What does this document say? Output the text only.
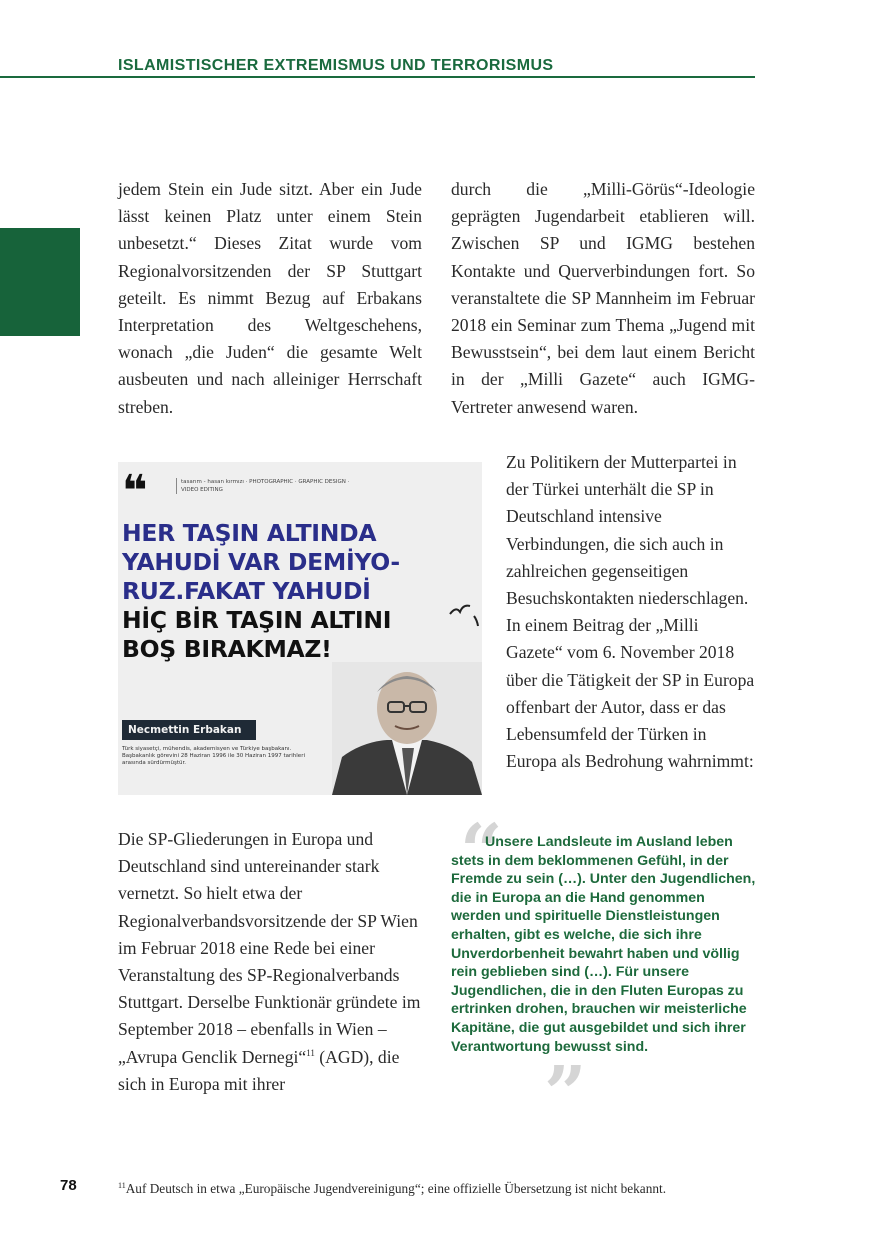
ISLAMISTISCHER EXTREMISMUS UND TERRORISMUS

jedem Stein ein Jude sitzt. Aber ein Jude lässt keinen Platz unter einem Stein unbesetzt.“ Dieses Zitat wurde vom Regionalvorsitzenden der SP Stuttgart geteilt. Es nimmt Bezug auf Erbakans Interpretation des Weltgeschehens, wonach „die Juden“ die gesamte Welt ausbeuten und nach alleiniger Herrschaft streben.

durch die „Milli-Görüs“-Ideologie geprägten Jugendarbeit etablieren will. Zwischen SP und IGMG bestehen Kontakte und Querverbindungen fort. So veranstaltete die SP Mannheim im Februar 2018 ein Seminar zum Thema „Jugend mit Bewusstsein“, bei dem laut einem Bericht in der „Milli Gazete“ auch IGMG-Vertreter anwesend waren.

❝	tasarım - hasan kırmızı · PHOTOGRAPHIC · GRAPHIC DESIGN · VIDEO EDITING
HER TAŞIN ALTINDA
YAHUDİ VAR DEMİYO-
RUZ.FAKAT YAHUDİ
HİÇ BİR TAŞIN ALTINI
BOŞ BIRAKMAZ!
Necmettin Erbakan
Türk siyasetçi, mühendis, akademisyen ve Türkiye başbakanı. Başbakanlık görevini 28 Haziran 1996 ile 30 Haziran 1997 tarihleri arasında sürdürmüştür.

Zu Politikern der Mutterpartei in der Türkei unterhält die SP in Deutschland intensive Verbindungen, die sich auch in zahlreichen gegenseitigen Besuchskontakten niederschlagen. In einem Beitrag der „Milli Gazete“ vom 6. November 2018 über die Tätigkeit der SP in Europa offenbart der Autor, dass er das Lebensumfeld der Türken in Europa als Bedrohung wahrnimmt:

Die SP-Gliederungen in Europa und Deutschland sind untereinander stark vernetzt. So hielt etwa der Regionalverbandsvorsitzende der SP Wien im Februar 2018 eine Rede bei einer Veranstaltung des SP-Regionalverbands Stuttgart. Derselbe Funktionär gründete im September 2018 – ebenfalls in Wien – „Avrupa Genclik Dernegi“$^{11}$ (AGD), die sich in Europa mit ihrer

“
”
Unsere Landsleute im Ausland leben stets in dem beklommenen Gefühl, in der Fremde zu sein (…). Unter den Jugendlichen, die in Europa an die Hand genommen werden und spirituelle Dienstleistungen erhalten, gibt es welche, die sich ihre Unverdorbenheit bewahrt haben und völlig rein geblieben sind (…). Für unsere Jugendlichen, die in den Fluten Europas zu ertrinken drohen, brauchen wir meisterliche Kapitäne, die gut ausgebildet und sich ihrer Verantwortung bewusst sind.
78	$^{11}$Auf Deutsch in etwa „Europäische Jugendvereinigung“; eine offizielle Übersetzung ist nicht bekannt.
